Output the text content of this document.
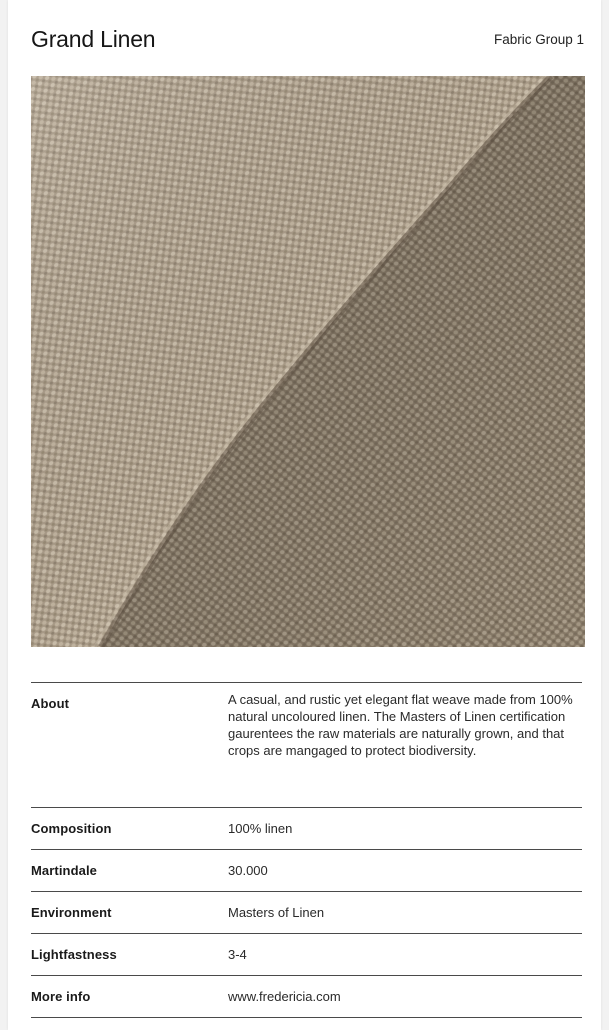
Grand Linen	Fabric Group 1
About	A casual, and rustic yet elegant flat weave made from 100% natural uncoloured linen. The Masters of Linen certification gaurentees the raw materials are naturally grown, and that crops are mangaged to protect biodiversity.
Composition	100% linen
Martindale	30.000
Environment	Masters of Linen
Lightfastness	3-4
More info	www.fredericia.com
